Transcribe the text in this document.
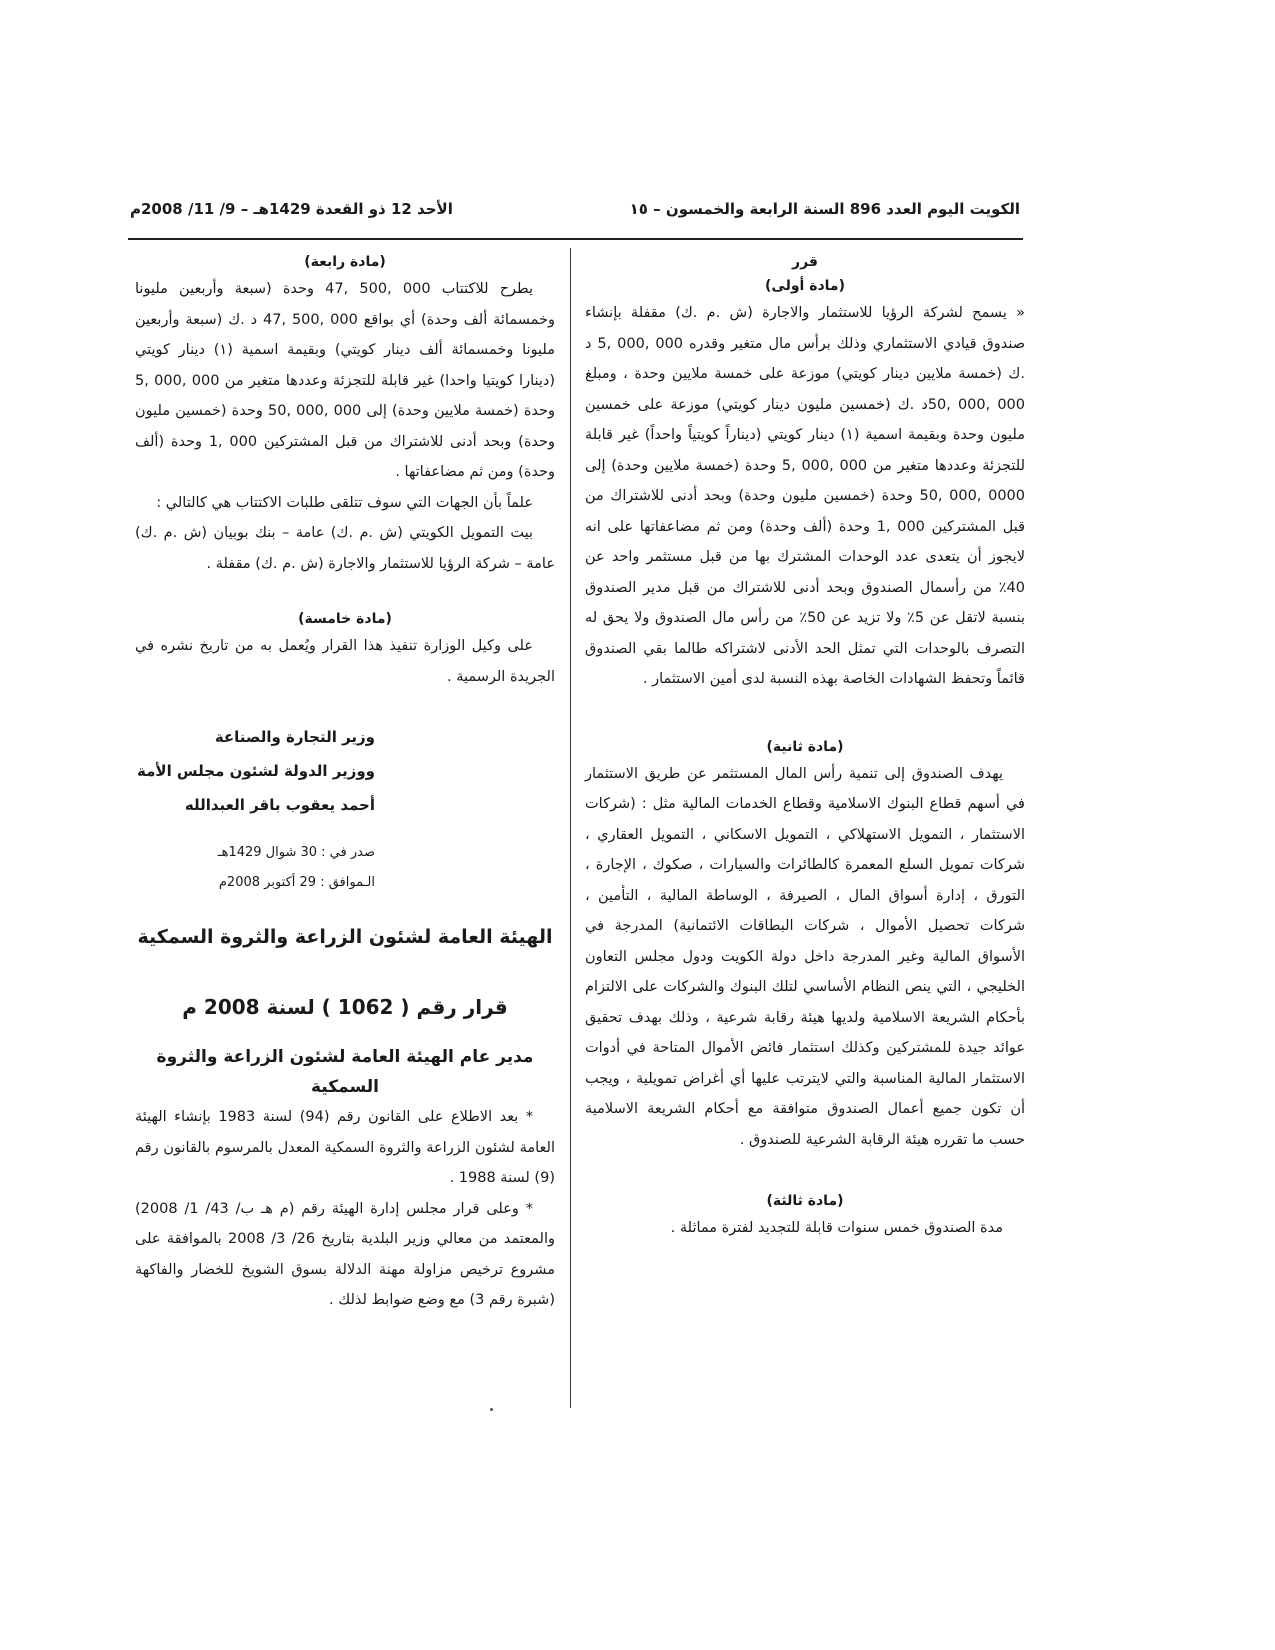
الكويت اليوم العدد 896 السنة الرابعة والخمسون – ١٥
الأحد 12 ذو القعدة 1429هـ – 9/ 11/ 2008م

قرر

(مادة أولى)

« يسمح لشركة الرؤيا للاستثمار والاجارة (ش .م .ك) مقفلة بإنشاء صندوق قيادي الاستثماري وذلك برأس مال متغير وقدره 000 ,000 ,5 د .ك (خمسة ملايين دينار كويتي) موزعة على خمسة ملايين وحدة ، ومبلغ 000 ,000 ,50د .ك (خمسين مليون دينار كويتي) موزعة على خمسين مليون وحدة وبقيمة اسمية (١) دينار كويتي (ديناراً كويتياً واحداً) غير قابلة للتجزئة وعددها متغير من 000 ,000 ,5 وحدة (خمسة ملايين وحدة) إلى 0000 ,000 ,50 وحدة (خمسين مليون وحدة) وبحد أدنى للاشتراك من قبل المشتركين 000 ,1 وحدة (ألف وحدة) ومن ثم مضاعفاتها على انه لايجوز أن يتعدى عدد الوحدات المشترك بها من قبل مستثمر واحد عن 40٪ من رأسمال الصندوق وبحد أدنى للاشتراك من قبل مدير الصندوق بنسبة لاتقل عن 5٪ ولا تزيد عن 50٪ من رأس مال الصندوق ولا يحق له التصرف بالوحدات التي تمثل الحد الأدنى لاشتراكه طالما بقي الصندوق قائماً وتحفظ الشهادات الخاصة بهذه النسبة لدى أمين الاستثمار .

(مادة ثانية)

يهدف الصندوق إلى تنمية رأس المال المستثمر عن طريق الاستثمار في أسهم قطاع البنوك الاسلامية وقطاع الخدمات المالية مثل : (شركات الاستثمار ، التمويل الاستهلاكي ، التمويل الاسكاني ، التمويل العقاري ، شركات تمويل السلع المعمرة كالطائرات والسيارات ، صكوك ، الإجارة ، التورق ، إدارة أسواق المال ، الصيرفة ، الوساطة المالية ، التأمين ، شركات تحصيل الأموال ، شركات البطاقات الائتمانية) المدرجة في الأسواق المالية وغير المدرجة داخل دولة الكويت ودول مجلس التعاون الخليجي ، التي ينص النظام الأساسي لتلك البنوك والشركات على الالتزام بأحكام الشريعة الاسلامية ولديها هيئة رقابة شرعية ، وذلك بهدف تحقيق عوائد جيدة للمشتركين وكذلك استثمار فائض الأموال المتاحة في أدوات الاستثمار المالية المناسبة والتي لايترتب عليها أي أغراض تمويلية ، ويجب أن تكون جميع أعمال الصندوق متوافقة مع أحكام الشريعة الاسلامية حسب ما تقرره هيئة الرقابة الشرعية للصندوق .

(مادة ثالثة)

مدة الصندوق خمس سنوات قابلة للتجديد لفترة مماثلة .

(مادة رابعة)

يطرح للاكتتاب 000 ,500 ,47 وحدة (سبعة وأربعين مليونا وخمسمائة ألف وحدة) أي بواقع 000 ,500 ,47 د .ك (سبعة وأربعين مليونا وخمسمائة ألف دينار كويتي) وبقيمة اسمية (١) دينار كويتي (دينارا كويتيا واحدا) غير قابلة للتجزئة وعددها متغير من 000 ,000 ,5 وحدة (خمسة ملايين وحدة) إلى 000 ,000 ,50 وحدة (خمسين مليون وحدة) وبحد أدنى للاشتراك من قبل المشتركين 000 ,1 وحدة (ألف وحدة) ومن ثم مضاعفاتها .

علماً بأن الجهات التي سوف تتلقى طلبات الاكتتاب هي كالتالي :

بيت التمويل الكويتي (ش .م .ك) عامة – بنك بوبيان (ش .م .ك) عامة – شركة الرؤيا للاستثمار والاجارة (ش .م .ك) مقفلة .

(مادة خامسة)

على وكيل الوزارة تنفيذ هذا القرار ويُعمل به من تاريخ نشره في الجريدة الرسمية .

وزير التجارة والصناعة

ووزير الدولة لشئون مجلس الأمة

أحمد يعقوب باقر العبدالله

صدر في : 30 شوال 1429هـ

الـموافق : 29 أكتوبر 2008م

الهيئة العامة لشئون الزراعة والثروة السمكية

قرار رقم ( 1062 ) لسنة 2008 م

مدير عام الهيئة العامة لشئون الزراعة والثروة السمكية

* بعد الاطلاع على القانون رقم (94) لسنة 1983 بإنشاء الهيئة العامة لشئون الزراعة والثروة السمكية المعدل بالمرسوم بالقانون رقم (9) لسنة 1988 .

* وعلى قرار مجلس إدارة الهيئة رقم (م هـ ب/ 43/ 1/ 2008) والمعتمد من معالي وزير البلدية بتاريخ 26/ 3/ 2008 بالموافقة على مشروع ترخيص مزاولة مهنة الدلالة بسوق الشويخ للخضار والفاكهة (شبرة رقم 3) مع وضع ضوابط لذلك .
